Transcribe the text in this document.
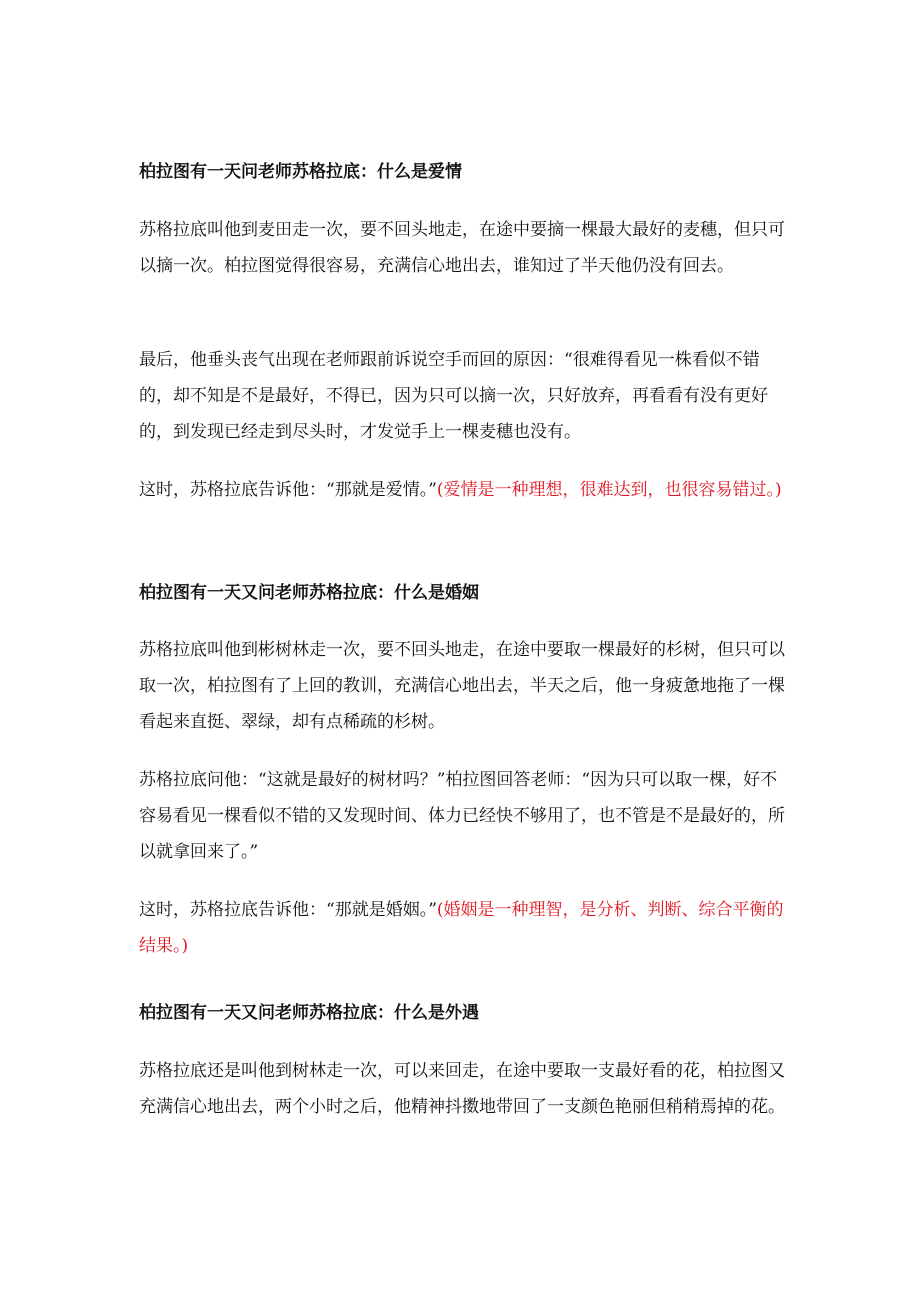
柏拉图有一天问老师苏格拉底：什么是爱情
苏格拉底叫他到麦田走一次，要不回头地走，在途中要摘一棵最大最好的麦穗，但只可以摘一次。柏拉图觉得很容易，充满信心地出去，谁知过了半天他仍没有回去。
最后，他垂头丧气出现在老师跟前诉说空手而回的原因：“很难得看见一株看似不错的，却不知是不是最好，不得已，因为只可以摘一次，只好放弃，再看看有没有更好的，到发现已经走到尽头时，才发觉手上一棵麦穗也没有。
这时，苏格拉底告诉他：“那就是爱情。”(爱情是一种理想，很难达到，也很容易错过。)
柏拉图有一天又问老师苏格拉底：什么是婚姻
苏格拉底叫他到彬树林走一次，要不回头地走，在途中要取一棵最好的杉树，但只可以取一次，柏拉图有了上回的教训，充满信心地出去，半天之后，他一身疲惫地拖了一棵看起来直挺、翠绿，却有点稀疏的杉树。
苏格拉底问他：“这就是最好的树材吗？”柏拉图回答老师：“因为只可以取一棵，好不容易看见一棵看似不错的又发现时间、体力已经快不够用了，也不管是不是最好的，所以就拿回来了。”
这时，苏格拉底告诉他：“那就是婚姻。”(婚姻是一种理智，是分析、判断、综合平衡的结果。)
柏拉图有一天又问老师苏格拉底：什么是外遇
苏格拉底还是叫他到树林走一次，可以来回走，在途中要取一支最好看的花，柏拉图又充满信心地出去，两个小时之后，他精神抖擞地带回了一支颜色艳丽但稍稍焉掉的花。
